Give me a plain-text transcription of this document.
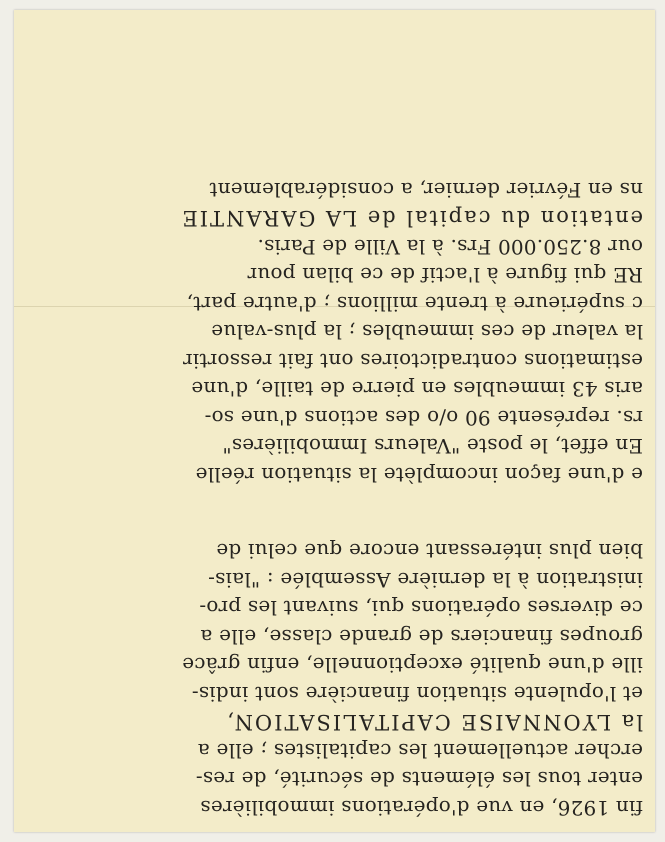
fin 1926, en vue d'opérations immobilières
enter tous les éléments de sécurité, de res-
ercher actuellement les capitalistes ; elle a
la LYONNAISE CAPITALISATION,
et l'opulente situation financière sont indis-
ille d'une qualité exceptionnelle, enfin grâce
groupes financiers de grande classe, elle a
ce diverses opérations qui, suivant les pro-
inistration à la dernière Assemblée : "lais-
bien plus intéressant encore que celui de
e d'une façon incomplète la situation réelle
En effet, le poste "Valeurs Immobilières"
rs. représente 90 o/o des actions d'une so-
aris 43 immeubles en pierre de taille, d'une
estimations contradictoires ont fait ressortir
la valeur de ces immeubles ; la plus-value
c supérieure à trente millions ; d'autre part,
RE qui figure à l'actif de ce bilan pour
our 8.250.000 Frs. à la Ville de Paris.
entation du capital de LA GARANTIE
ns en Février dernier, a considérablement
